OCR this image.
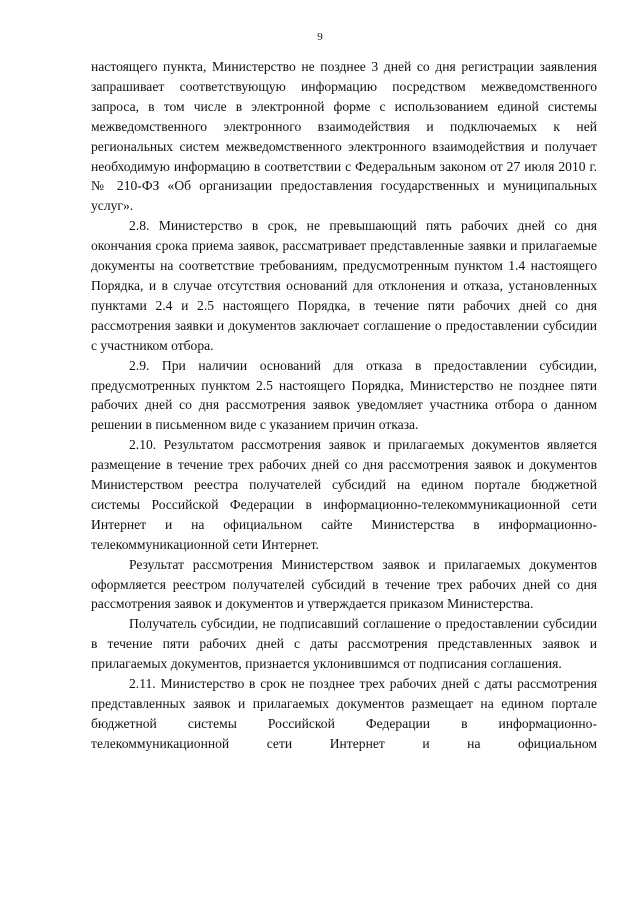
9

настоящего пункта, Министерство не позднее 3 дней со дня регистрации заявления запрашивает соответствующую информацию посредством межведомственного запроса, в том числе в электронной форме с использованием единой системы межведомственного электронного взаимодействия и подключаемых к ней региональных систем межведомственного электронного взаимодействия и получает необходимую информацию в соответствии с Федеральным законом от 27 июля 2010 г. № 210-ФЗ «Об организации предоставления государственных и муниципальных услуг».

2.8. Министерство в срок, не превышающий пять рабочих дней со дня окончания срока приема заявок, рассматривает представленные заявки и прилагаемые документы на соответствие требованиям, предусмотренным пунктом 1.4 настоящего Порядка, и в случае отсутствия оснований для отклонения и отказа, установленных пунктами 2.4 и 2.5 настоящего Порядка, в течение пяти рабочих дней со дня рассмотрения заявки и документов заключает соглашение о предоставлении субсидии с участником отбора.

2.9. При наличии оснований для отказа в предоставлении субсидии, предусмотренных пунктом 2.5 настоящего Порядка, Министерство не позднее пяти рабочих дней со дня рассмотрения заявок уведомляет участника отбора о данном решении в письменном виде с указанием причин отказа.

2.10. Результатом рассмотрения заявок и прилагаемых документов является размещение в течение трех рабочих дней со дня рассмотрения заявок и документов Министерством реестра получателей субсидий на едином портале бюджетной системы Российской Федерации в информационно-телекоммуникационной сети Интернет и на официальном сайте Министерства в информационно-телекоммуникационной сети Интернет.

Результат рассмотрения Министерством заявок и прилагаемых документов оформляется реестром получателей субсидий в течение трех рабочих дней со дня рассмотрения заявок и документов и утверждается приказом Министерства.

Получатель субсидии, не подписавший соглашение о предоставлении субсидии в течение пяти рабочих дней с даты рассмотрения представленных заявок и прилагаемых документов, признается уклонившимся от подписания соглашения.

2.11. Министерство в срок не позднее трех рабочих дней с даты рассмотрения представленных заявок и прилагаемых документов размещает на едином портале бюджетной системы Российской Федерации в информационно-телекоммуникационной сети Интернет и на официальном
